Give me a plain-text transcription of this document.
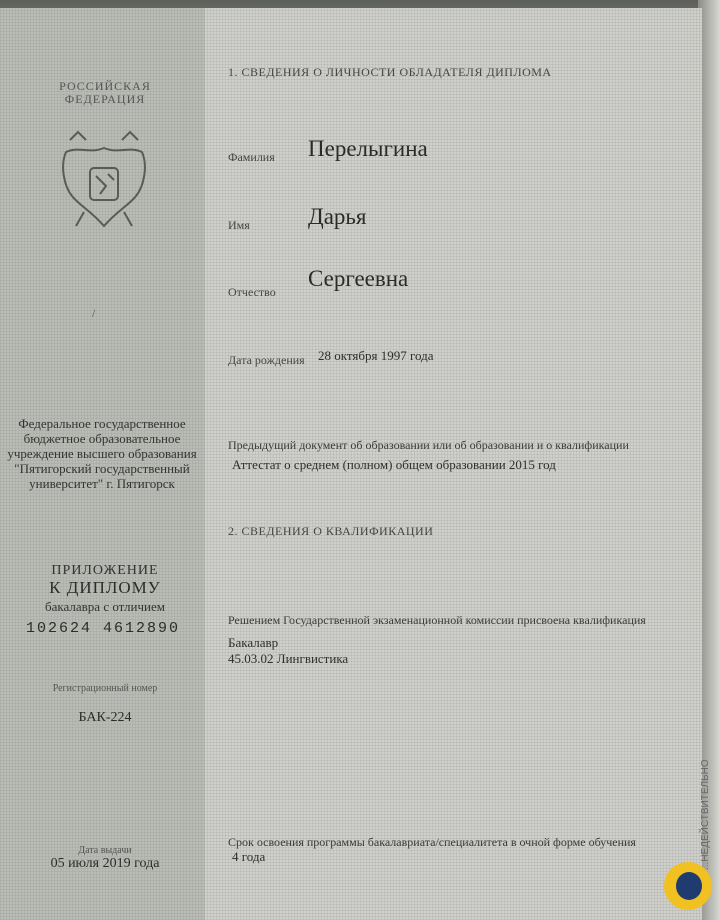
РОССИЙСКАЯ ФЕДЕРАЦИЯ
/
Федеральное государственное бюджетное образовательное учреждение высшего образования "Пятигорский государственный университет" г. Пятигорск
ПРИЛОЖЕНИЕ
К ДИПЛОМУ
бакалавра с отличием
102624 4612890
Регистрационный номер
БАК-224
Дата выдачи
05 июля 2019 года
1. СВЕДЕНИЯ О ЛИЧНОСТИ ОБЛАДАТЕЛЯ ДИПЛОМА
Фамилия Перелыгина
Имя	Дарья
Отчество
Сергеевна
Дата рождения 28 октября 1997 года
Предыдущий документ об образовании или об образовании и о квалификации
Аттестат о среднем (полном) общем образовании 2015 год
2. СВЕДЕНИЯ О КВАЛИФИКАЦИИ
Решением Государственной экзаменационной комиссии присвоена квалификация
Бакалавр
45.03.02 Лингвистика
Срок освоения программы бакалавриата/специалитета в очной форме обучения
4 года	...НЕДЕЙСТВИТЕЛЬНО
